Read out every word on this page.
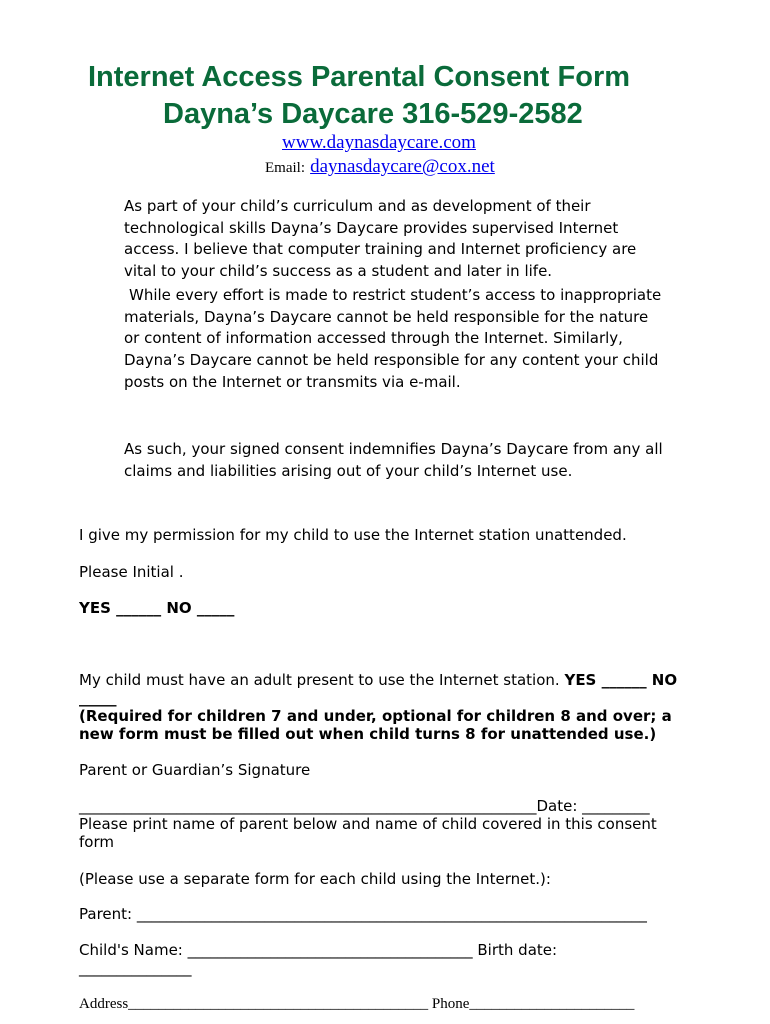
Internet Access Parental Consent Form
Dayna’s Daycare 316-529-2582
www.daynasdaycare.com
Email: daynasdaycare@cox.net

As part of your child’s curriculum and as development of their technological skills Dayna’s Daycare provides supervised Internet access. I believe that computer training and Internet proficiency are vital to your child’s success as a student and later in life.

While every effort is made to restrict student’s access to inappropriate materials, Dayna’s Daycare cannot be held responsible for the nature or content of information accessed through the Internet. Similarly, Dayna’s Daycare cannot be held responsible for any content your child posts on the Internet or transmits via e-mail.

As such, your signed consent indemnifies Dayna’s Daycare from any all claims and liabilities arising out of your child’s Internet use.

I give my permission for my child to use the Internet station unattended.

Please Initial .

YES ______ NO _____

My child must have an adult present to use the Internet station. YES ______ NO _____

(Required for children 7 and under, optional for children 8 and over; a new form must be filled out when child turns 8 for unattended use.)

Parent or Guardian’s Signature

_____________________________________________________________Date: _________

Please print name of parent below and name of child covered in this consent form

(Please use a separate form for each child using the Internet.):

Parent: ____________________________________________________________________

Child's Name: ______________________________________ Birth date: _______________

Address________________________________________ Phone______________________
